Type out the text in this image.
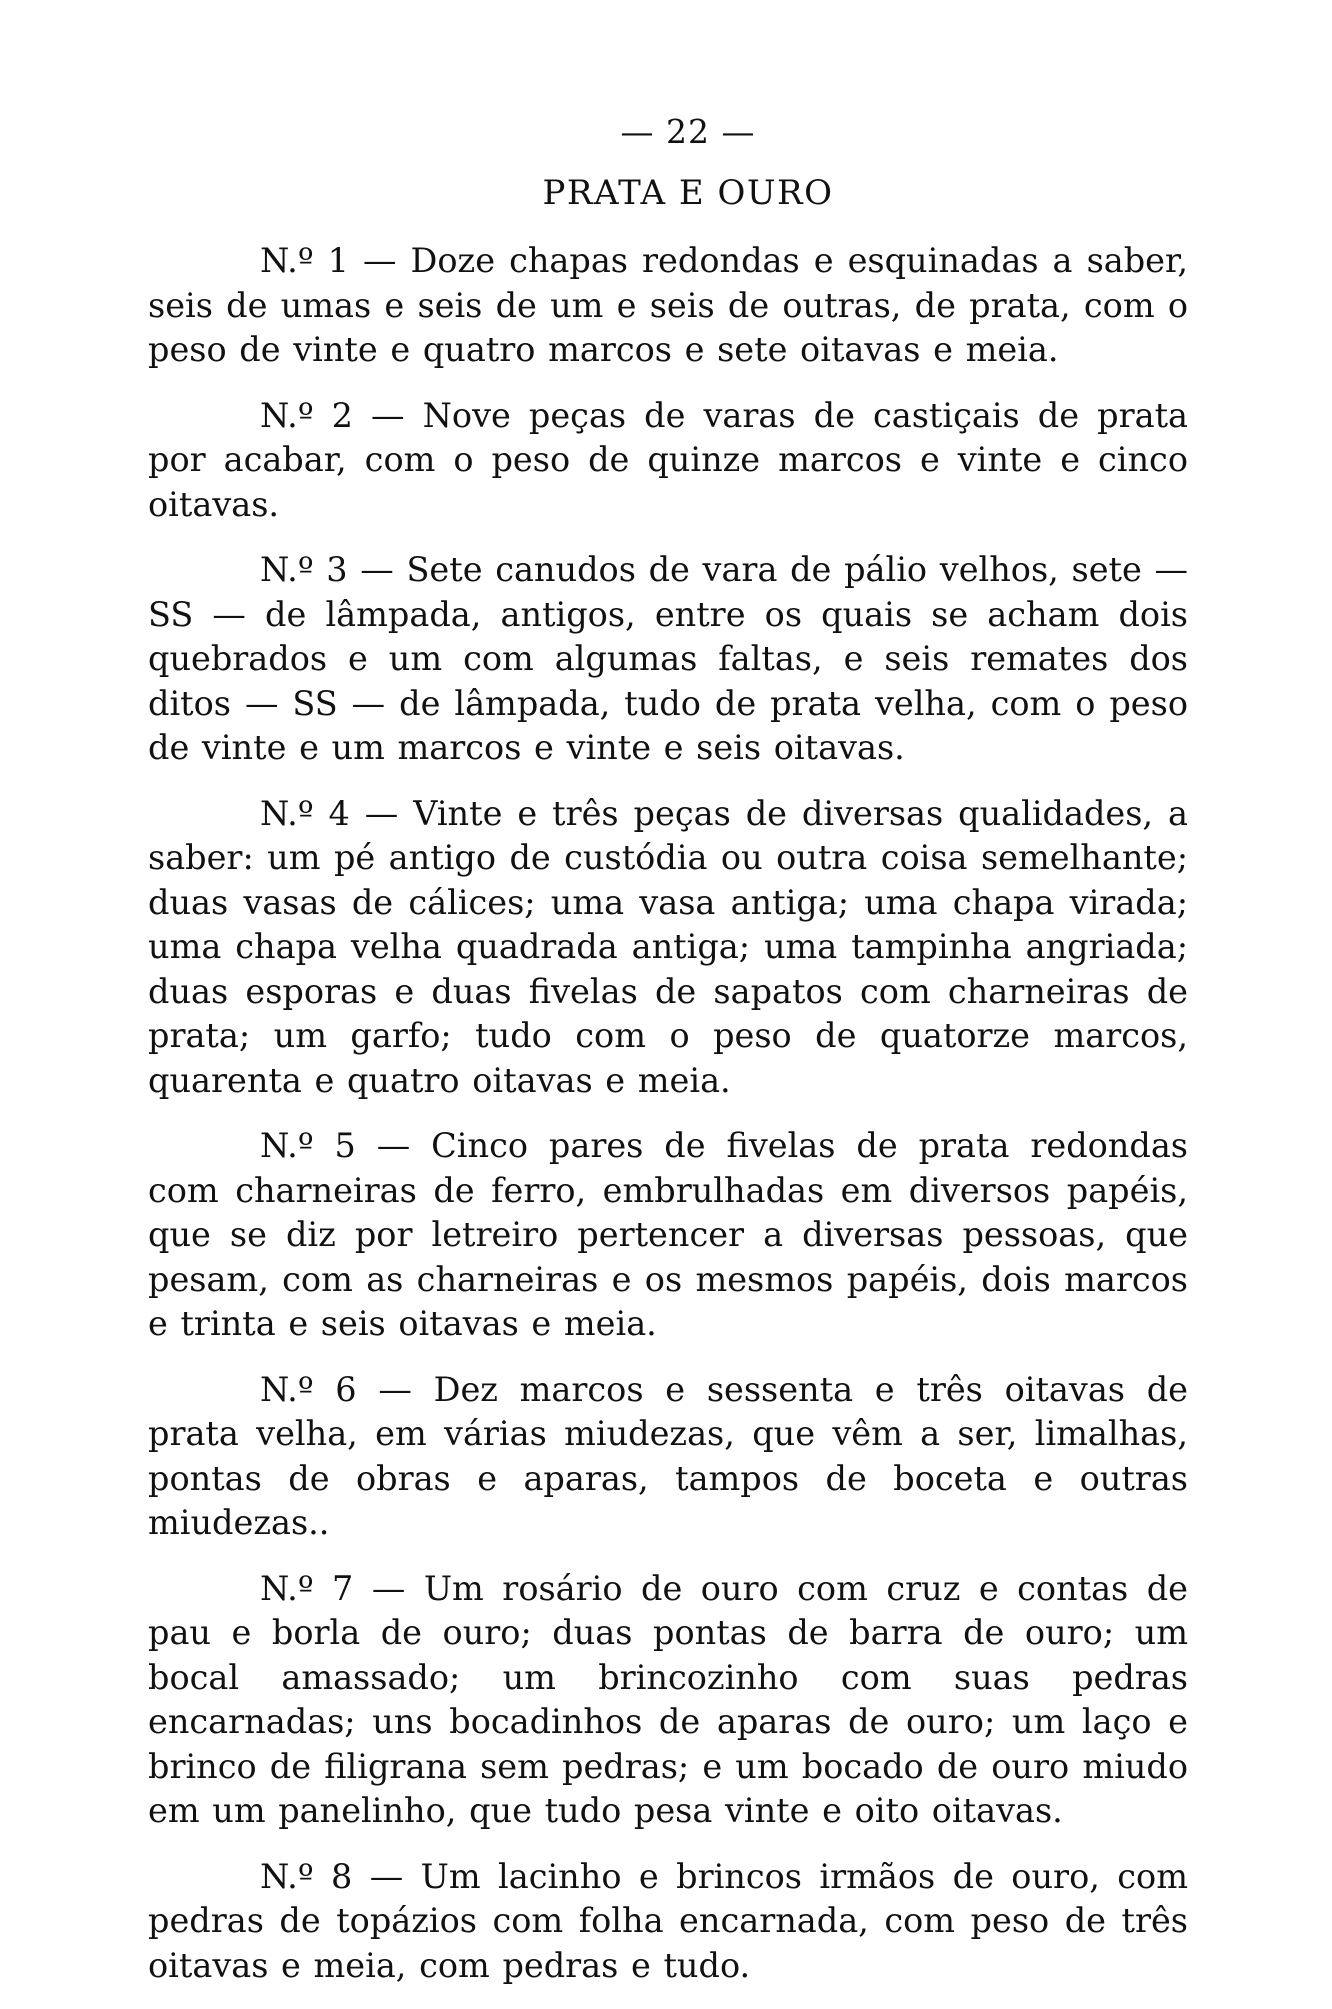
— 22 —
PRATA E OURO

N.º 1 — Doze chapas redondas e esquinadas a saber, seis de umas e seis de um e seis de outras, de prata, com o peso de vinte e quatro marcos e sete oitavas e meia.

N.º 2 — Nove peças de varas de castiçais de prata por acabar, com o peso de quinze marcos e vinte e cinco oitavas.

N.º 3 — Sete canudos de vara de pálio velhos, sete — SS — de lâmpada, antigos, entre os quais se acham dois quebrados e um com algumas faltas, e seis remates dos ditos — SS — de lâmpada, tudo de prata velha, com o peso de vinte e um marcos e vinte e seis oitavas.

N.º 4 — Vinte e três peças de diversas qualidades, a saber: um pé antigo de custódia ou outra coisa semelhante; duas vasas de cálices; uma vasa antiga; uma chapa virada; uma chapa velha quadrada antiga; uma tampinha angriada; duas esporas e duas fivelas de sapatos com charneiras de prata; um garfo; tudo com o peso de quatorze marcos, quarenta e quatro oitavas e meia.

N.º 5 — Cinco pares de fivelas de prata redondas com charneiras de ferro, embrulhadas em diversos papéis, que se diz por letreiro pertencer a diversas pessoas, que pesam, com as charneiras e os mesmos papéis, dois marcos e trinta e seis oitavas e meia.

N.º 6 — Dez marcos e sessenta e três oitavas de prata velha, em várias miudezas, que vêm a ser, limalhas, pontas de obras e aparas, tampos de boceta e outras miudezas..

N.º 7 — Um rosário de ouro com cruz e contas de pau e borla de ouro; duas pontas de barra de ouro; um bocal amassado; um brincozinho com suas pedras encarnadas; uns bocadinhos de aparas de ouro; um laço e brinco de filigrana sem pedras; e um bocado de ouro miudo em um panelinho, que tudo pesa vinte e oito oitavas.

N.º 8 — Um lacinho e brincos irmãos de ouro, com pedras de topázios com folha encarnada, com peso de três oitavas e meia, com pedras e tudo.
